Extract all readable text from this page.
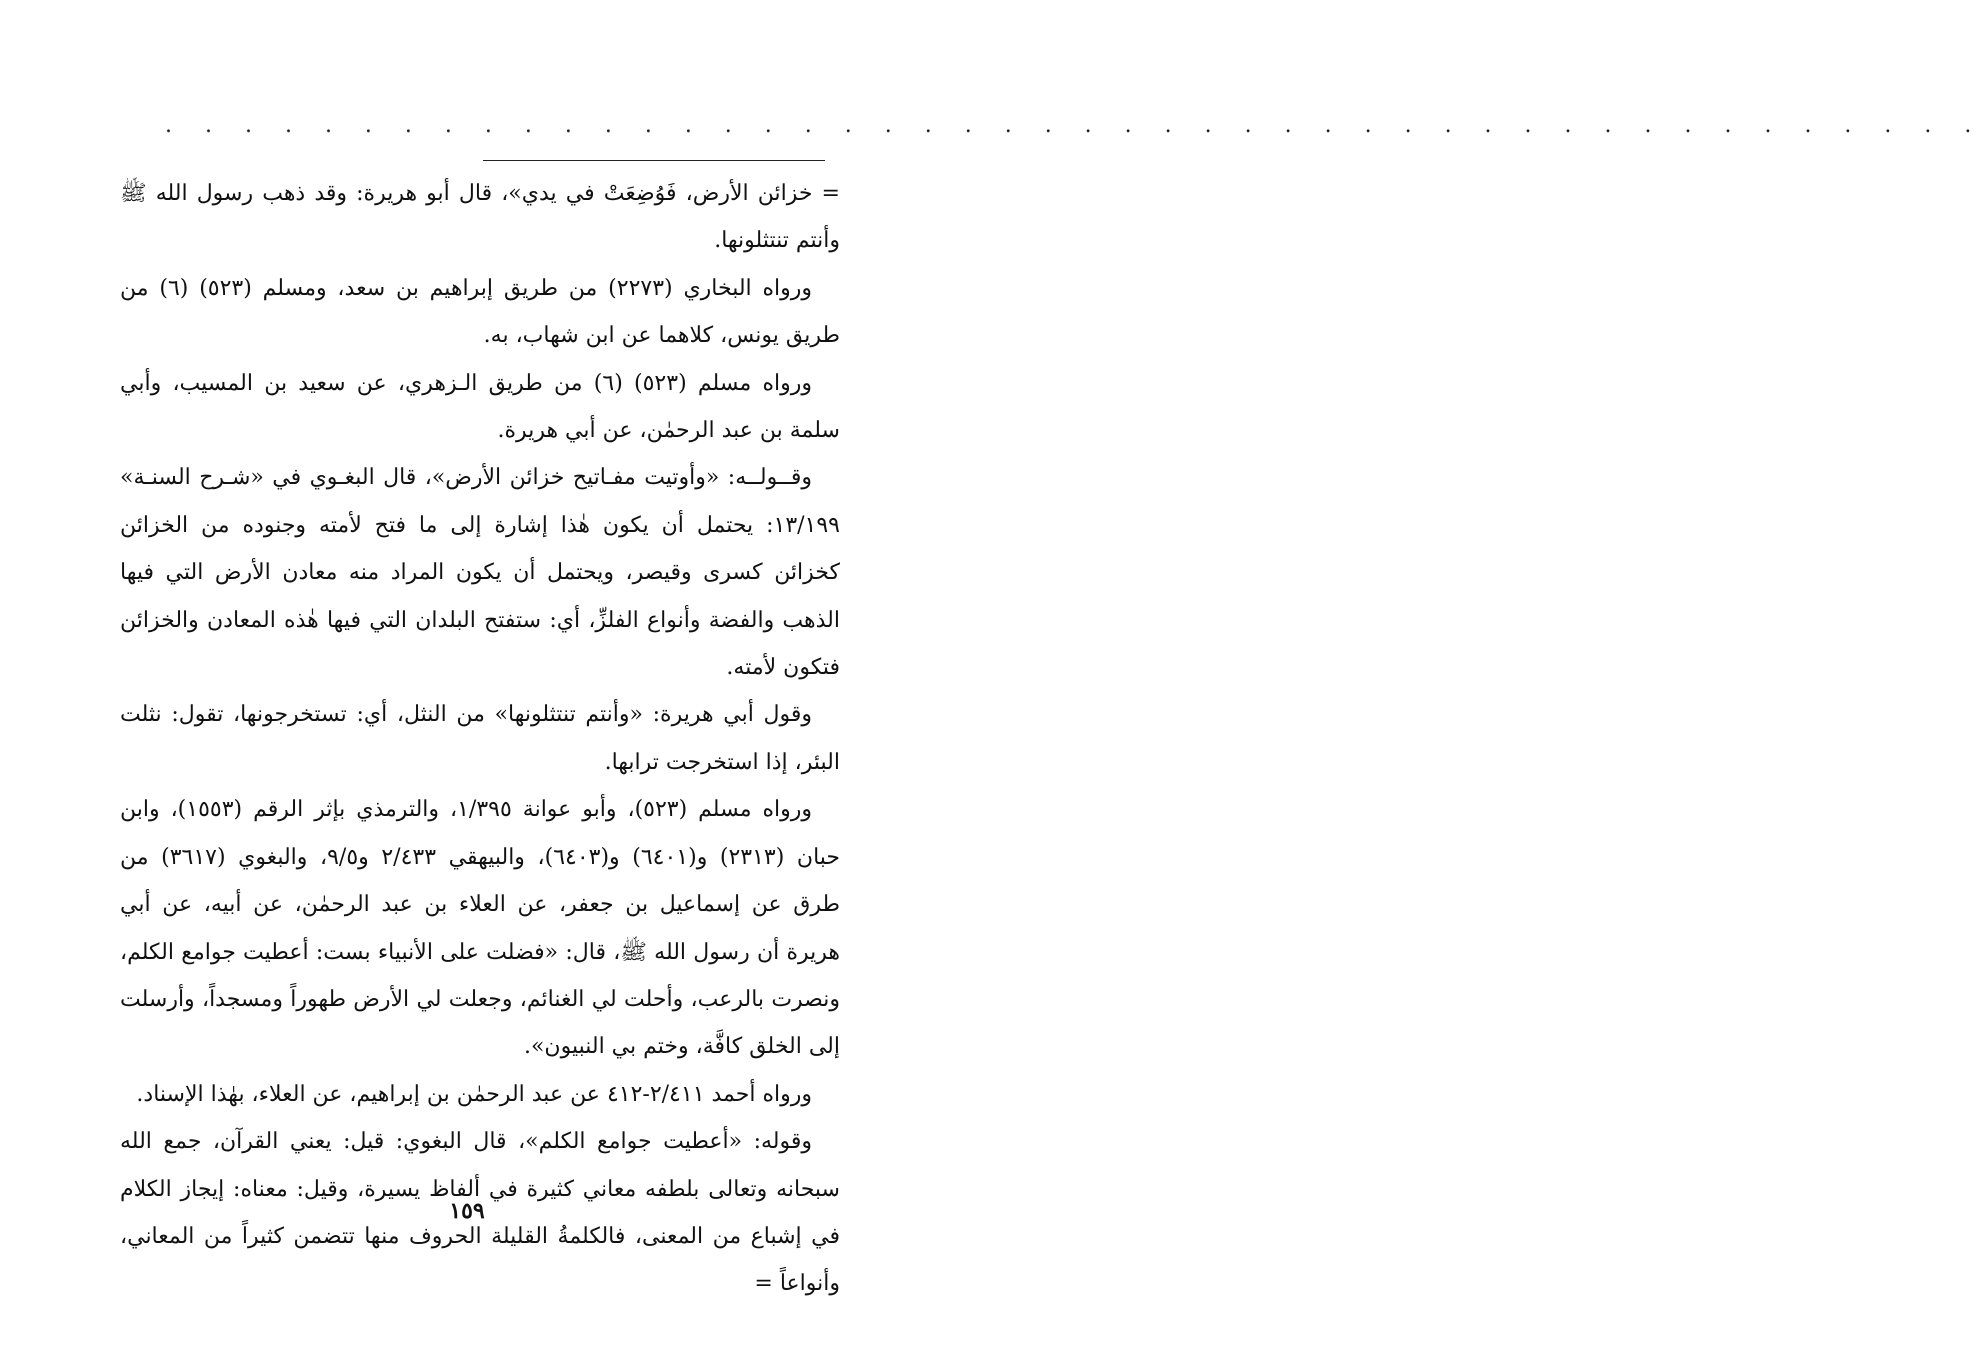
. . . . . . . . . . . . . . . . . . . . . . . . . . . . . . . . . . . . . . . . . . . . . .

= خزائن الأرض، فَوُضِعَتْ في يدي»، قال أبو هريرة: وقد ذهب رسول الله ﷺ وأنتم تنتثلونها.

ورواه البخاري (٢٢٧٣) من طريق إبراهيم بن سعد، ومسلم (٥٢٣) (٦) من طريق يونس، كلاهما عن ابن شهاب، به.

ورواه مسلم (٥٢٣) (٦) من طريق الـزهري، عن سعيد بن المسيب، وأبي سلمة بن عبد الرحمٰن، عن أبي هريرة.

وقــولــه: «وأوتيت مفـاتيح خزائن الأرض»، قال البغـوي في «شـرح السنـة» ١٣/١٩٩: يحتمل أن يكون هٰذا إشارة إلى ما فتح لأمته وجنوده من الخزائن كخزائن كسرى وقيصر، ويحتمل أن يكون المراد منه معادن الأرض التي فيها الذهب والفضة وأنواع الفلزِّ، أي: ستفتح البلدان التي فيها هٰذه المعادن والخزائن فتكون لأمته.

وقول أبي هريرة: «وأنتم تنتثلونها» من النثل، أي: تستخرجونها، تقول: نثلت البئر، إذا استخرجت ترابها.

ورواه مسلم (٥٢٣)، وأبو عوانة ١/٣٩٥، والترمذي بإثر الرقم (١٥٥٣)، وابن حبان (٢٣١٣) و(٦٤٠١) و(٦٤٠٣)، والبيهقي ٢/٤٣٣ و٩/٥، والبغوي (٣٦١٧) من طرق عن إسماعيل بن جعفر، عن العلاء بن عبد الرحمٰن، عن أبيه، عن أبي هريرة أن رسول الله ﷺ، قال: «فضلت على الأنبياء بست: أعطيت جوامع الكلم، ونصرت بالرعب، وأحلت لي الغنائم، وجعلت لي الأرض طهوراً ومسجداً، وأرسلت إلى الخلق كافَّة، وختم بي النبيون».

ورواه أحمد ٢/٤١١-٤١٢ عن عبد الرحمٰن بن إبراهيم، عن العلاء، بهٰذا الإسناد.

وقوله: «أعطيت جوامع الكلم»، قال البغوي: قيل: يعني القرآن، جمع الله سبحانه وتعالى بلطفه معاني كثيرة في ألفاظ يسيرة، وقيل: معناه: إيجاز الكلام في إشباع من المعنى، فالكلمةُ القليلة الحروف منها تتضمن كثيراً من المعاني، وأنواعاً =

١٥٩
